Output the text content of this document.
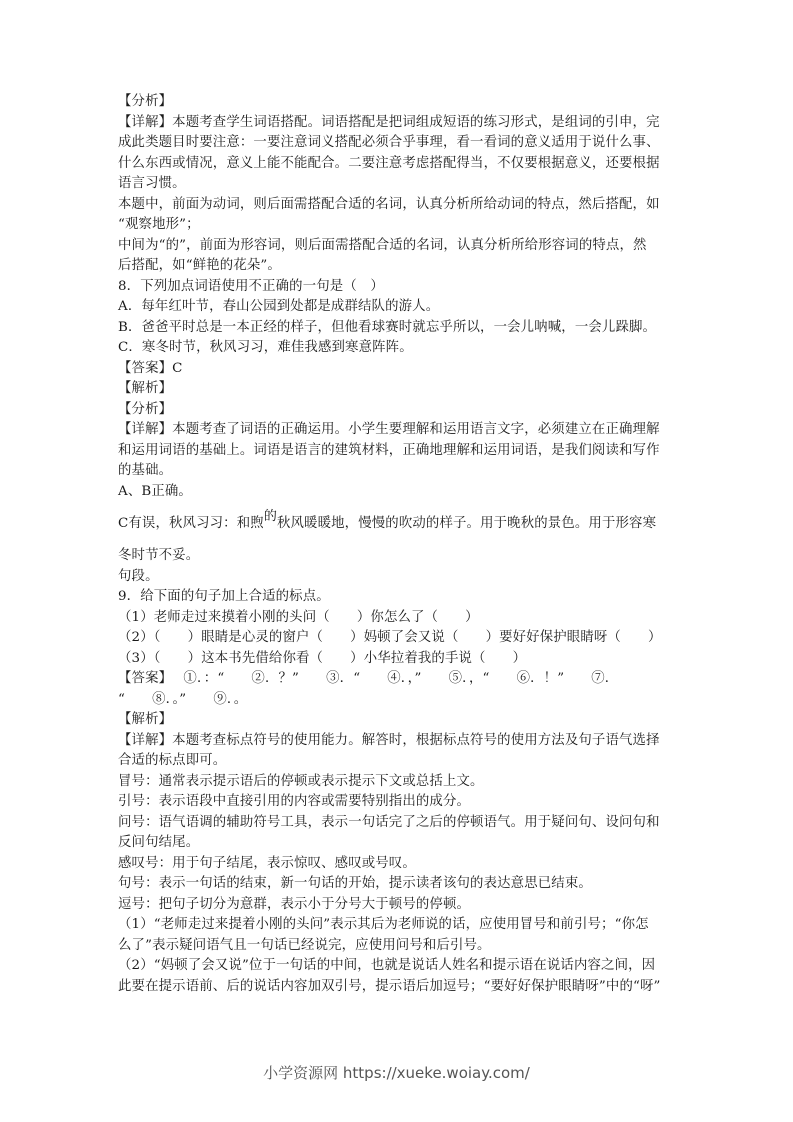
【分析】
【详解】本题考查学生词语搭配。词语搭配是把词组成短语的练习形式，是组词的引申，完
成此类题目时要注意：一要注意词义搭配必须合乎事理，看一看词的意义适用于说什么事、
什么东西或情况，意义上能不能配合。二要注意考虑搭配得当，不仅要根据意义，还要根据
语言习惯。
本题中，前面为动词，则后面需搭配合适的名词，认真分析所给动词的特点，然后搭配，如
“观察地形”；
中间为“的”，前面为形容词，则后面需搭配合适的名词，认真分析所给形容词的特点，然
后搭配，如“鲜艳的花朵”。
8．下列加点词语使用不正确的一句是（　）
A．每年红叶节，春山公园到处都是成群结队的游人。
B．爸爸平时总是一本正经的样子，但他看球赛时就忘乎所以，一会儿呐喊，一会儿跺脚。
C．寒冬时节，秋风习习，难佳我感到寒意阵阵。
【答案】C
【解析】
【分析】
【详解】本题考查了词语的正确运用。小学生要理解和运用语言文字，必须建立在正确理解
和运用词语的基础上。词语是语言的建筑材料，正确地理解和运用词语，是我们阅读和写作
的基础。
A、B正确。
C有误，秋风习习：和煦的秋风暖暖地，慢慢的吹动的样子。用于晚秋的景色。用于形容寒
冬时节不妥。
句段。
9．给下面的句子加上合适的标点。
（1）老师走过来摸着小刚的头问（　　）你怎么了（　　）
（2）（　　）眼睛是心灵的窗户（　　）妈顿了会又说（　　）要好好保护眼睛呀（　　）
（3）（　　）这本书先借给你看（　　）小华拉着我的手说（　　）
【答案】　 ①．：“　　②．？”　　③．“　　④．，”　　⑤．，“　　⑥．！”　　⑦．
“　　⑧．。”　　⑨．。
【解析】
【详解】本题考查标点符号的使用能力。解答时，根据标点符号的使用方法及句子语气选择
合适的标点即可。
冒号：通常表示提示语后的停顿或表示提示下文或总括上文。
引号：表示语段中直接引用的内容或需要特别指出的成分。
问号：语气语调的辅助符号工具，表示一句话完了之后的停顿语气。用于疑问句、设问句和
反问句结尾。
感叹号：用于句子结尾，表示惊叹、感叹或号叹。
句号：表示一句话的结束，新一句话的开始，提示读者该句的表达意思已结束。
逗号：把句子切分为意群，表示小于分号大于顿号的停顿。
（1）“老师走过来提着小刚的头问”表示其后为老师说的话，应使用冒号和前引号；“你怎
么了”表示疑问语气且一句话已经说完，应使用问号和后引号。
（2）“妈顿了会又说”位于一句话的中间，也就是说话人姓名和提示语在说话内容之间，因
此要在提示语前、后的说话内容加双引号，提示语后加逗号；“要好好保护眼睛呀”中的“呀”
小学资源网 https://xueke.woiay.com/
